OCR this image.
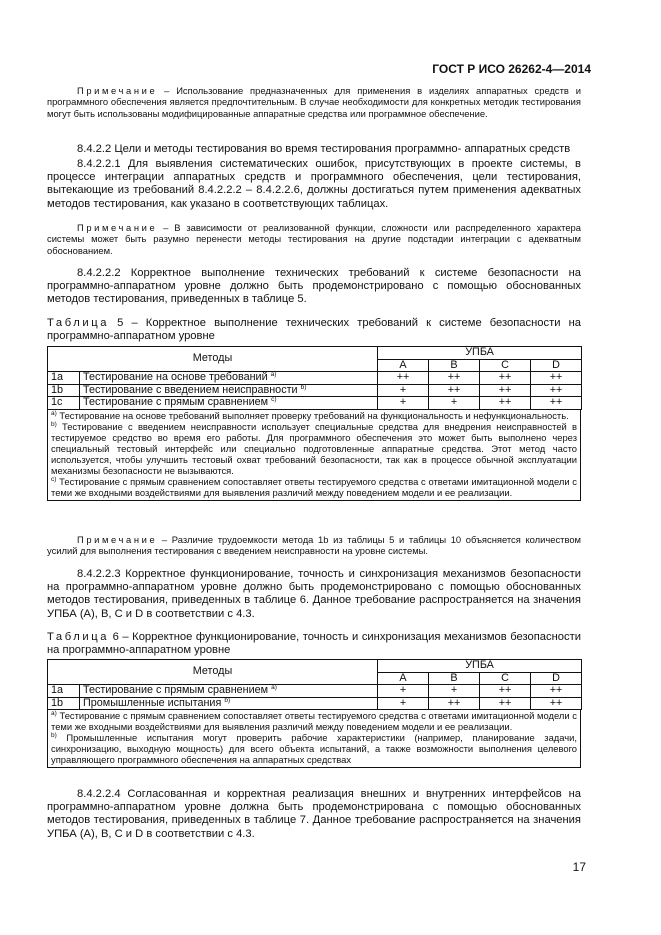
ГОСТ Р ИСО 26262-4—2014
Примечание – Использование предназначенных для применения в изделиях аппаратных средств и программного обеспечения является предпочтительным. В случае необходимости для конкретных методик тестирования могут быть использованы модифицированные аппаратные средства или программное обеспечение.
8.4.2.2 Цели и методы тестирования во время тестирования программно- аппаратных средств
8.4.2.2.1 Для выявления систематических ошибок, присутствующих в проекте системы, в процессе интеграции аппаратных средств и программного обеспечения, цели тестирования, вытекающие из требований 8.4.2.2.2 – 8.4.2.2.6, должны достигаться путем применения адекватных методов тестирования, как указано в соответствующих таблицах.
Примечание – В зависимости от реализованной функции, сложности или распределенного характера системы может быть разумно перенести методы тестирования на другие подстадии интеграции с адекватным обоснованием.
8.4.2.2.2 Корректное выполнение технических требований к системе безопасности на программно-аппаратном уровне должно быть продемонстрировано с помощью обоснованных методов тестирования, приведенных в таблице 5.
Таблица 5 – Корректное выполнение технических требований к системе безопасности на программно-аппаратном уровне
Методы		УПБА			
		A	B	C	D
1a	Тестирование на основе требований $^{a)}$	++	++	++	++
1b	Тестирование с введением неисправности $^{b)}$	+	++	++	++
1c	Тестирование с прямым сравнением $^{c)}$	+	+	++	++

$^{a)}$ Тестирование на основе требований выполняет проверку требований на функциональность и нефункциональность.

$^{b)}$ Тестирование с введением неисправности использует специальные средства для внедрения неисправностей в тестируемое средство во время его работы. Для программного обеспечения это может быть выполнено через специальный тестовый интерфейс или специально подготовленные аппаратные средства. Этот метод часто используется, чтобы улучшить тестовый охват требований безопасности, так как в процессе обычной эксплуатации механизмы безопасности не вызываются.

$^{c)}$ Тестирование с прямым сравнением сопоставляет ответы тестируемого средства с ответами имитационной модели с теми же входными воздействиями для выявления различий между поведением модели и ее реализации.

Примечание – Различие трудоемкости метода 1b из таблицы 5 и таблицы 10 объясняется количеством усилий для выполнения тестирования с введением неисправности на уровне системы.
8.4.2.2.3 Корректное функционирование, точность и синхронизация механизмов безопасности на программно-аппаратном уровне должно быть продемонстрировано с помощью обоснованных методов тестирования, приведенных в таблице 6. Данное требование распространяется на значения УПБА (A), B, C и D в соответствии с 4.3.
Таблица 6 – Корректное функционирование, точность и синхронизация механизмов безопасности на программно-аппаратном уровне
Методы		УПБА			
		A	B	C	D
1a	Тестирование с прямым сравнением $^{a)}$	+	+	++	++
1b	Промышленные испытания $^{b)}$	+	++	++	++

$^{a)}$ Тестирование с прямым сравнением сопоставляет ответы тестируемого средства с ответами имитационной модели с теми же входными воздействиями для выявления различий между поведением модели и ее реализации.

$^{b)}$ Промышленные испытания могут проверить рабочие характеристики (например, планирование задачи, синхронизацию, выходную мощность) для всего объекта испытаний, а также возможности выполнения целевого управляющего программного обеспечения на аппаратных средствах

8.4.2.2.4 Согласованная и корректная реализация внешних и внутренних интерфейсов на программно-аппаратном уровне должна быть продемонстрирована с помощью обоснованных методов тестирования, приведенных в таблице 7. Данное требование распространяется на значения УПБА (A), B, C и D в соответствии с 4.3.
17
